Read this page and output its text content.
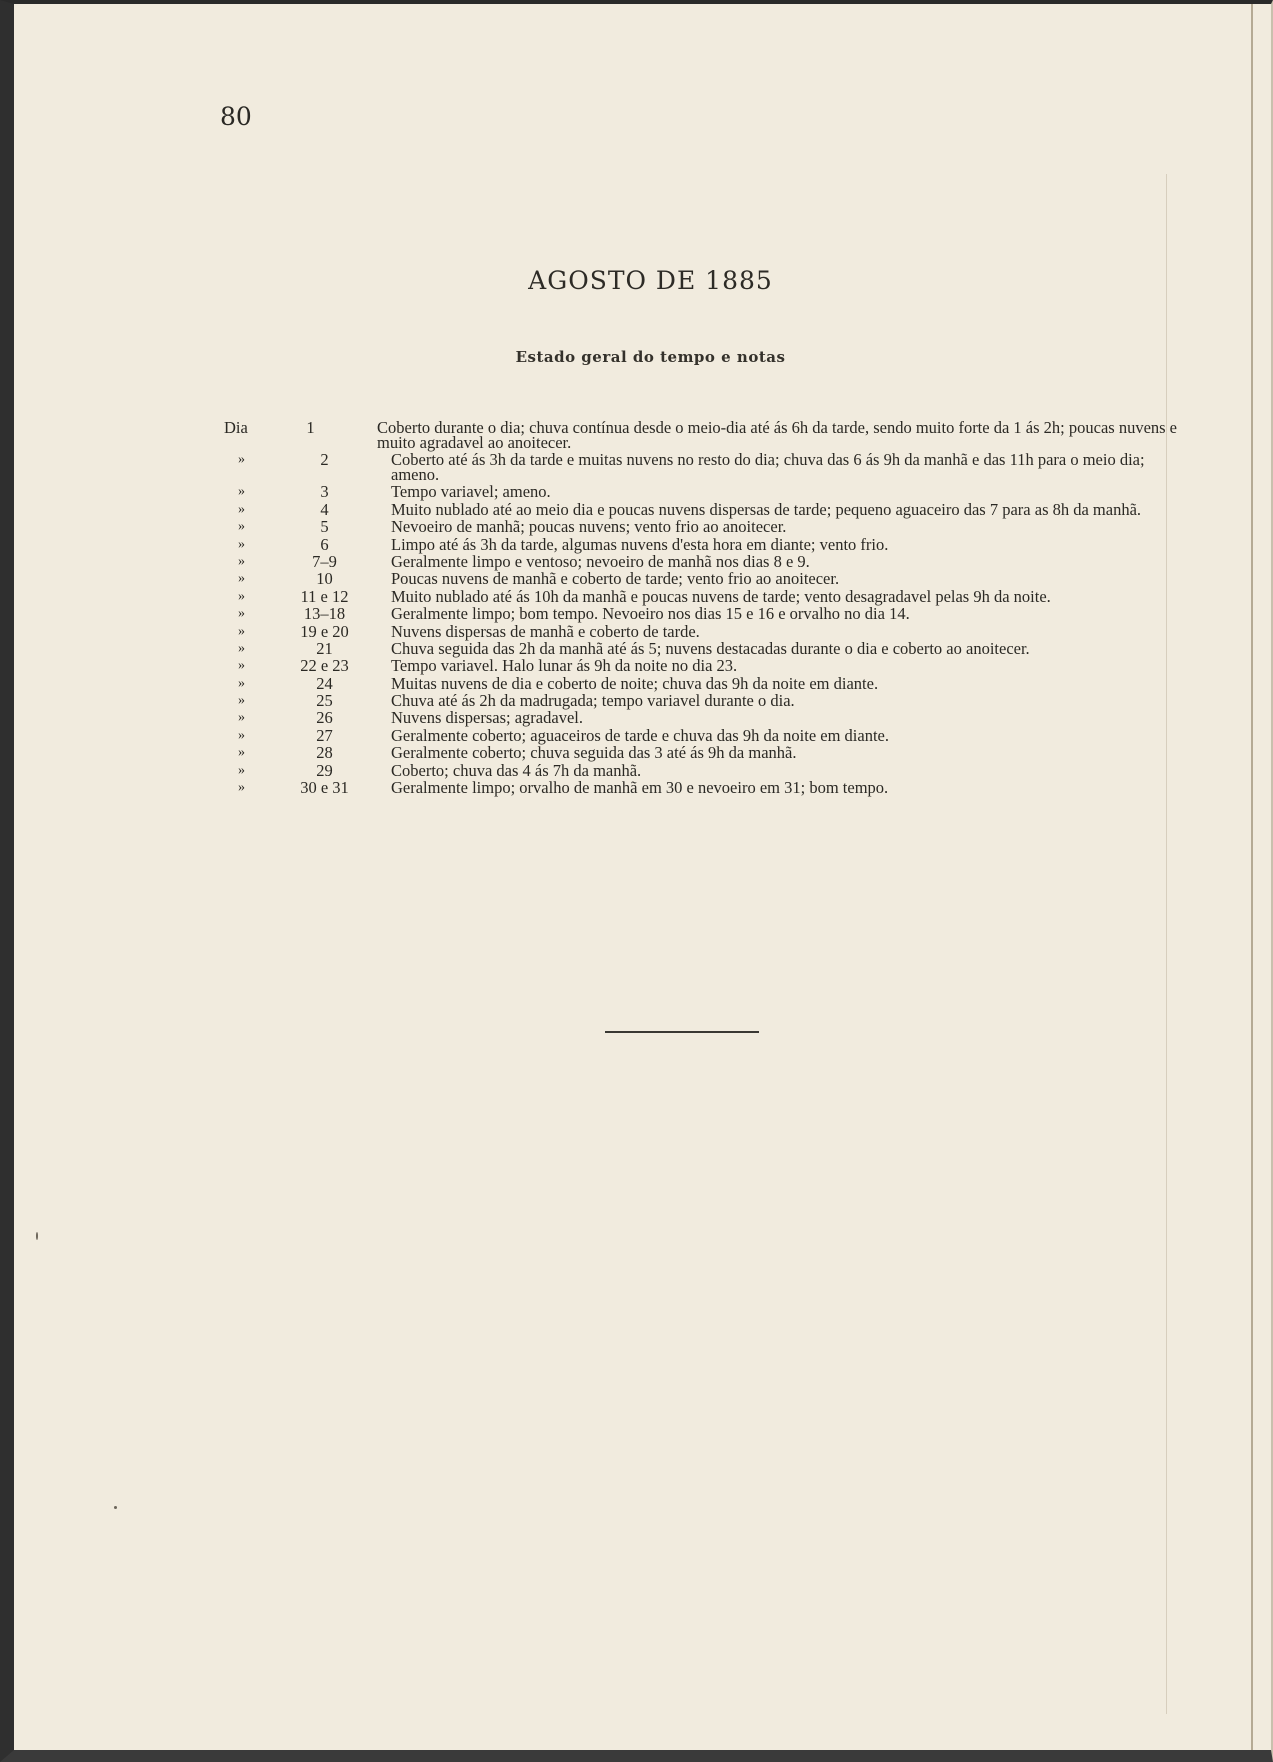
80
AGOSTO DE 1885
Estado geral do tempo e notas
Dia	1	Coberto durante o dia; chuva contínua desde o meio-dia até ás 6h da tarde, sendo muito forte da 1 ás 2h; poucas nuvens e muito agradavel ao anoitecer.
»	2	Coberto até ás 3h da tarde e muitas nuvens no resto do dia; chuva das 6 ás 9h da manhã e das 11h para o meio dia; ameno.
»	3	Tempo variavel; ameno.
»	4	Muito nublado até ao meio dia e poucas nuvens dispersas de tarde; pequeno aguaceiro das 7 para as 8h da manhã.
»	5	Nevoeiro de manhã; poucas nuvens; vento frio ao anoitecer.
»	6	Limpo até ás 3h da tarde, algumas nuvens d'esta hora em diante; vento frio.
»	7–9	Geralmente limpo e ventoso; nevoeiro de manhã nos dias 8 e 9.
»	10	Poucas nuvens de manhã e coberto de tarde; vento frio ao anoitecer.
»	11 e 12	Muito nublado até ás 10h da manhã e poucas nuvens de tarde; vento desagradavel pelas 9h da noite.
»	13–18	Geralmente limpo; bom tempo. Nevoeiro nos dias 15 e 16 e orvalho no dia 14.
»	19 e 20	Nuvens dispersas de manhã e coberto de tarde.
»	21	Chuva seguida das 2h da manhã até ás 5; nuvens destacadas durante o dia e coberto ao anoitecer.
»	22 e 23	Tempo variavel. Halo lunar ás 9h da noite no dia 23.
»	24	Muitas nuvens de dia e coberto de noite; chuva das 9h da noite em diante.
»	25	Chuva até ás 2h da madrugada; tempo variavel durante o dia.
»	26	Nuvens dispersas; agradavel.
»	27	Geralmente coberto; aguaceiros de tarde e chuva das 9h da noite em diante.
»	28	Geralmente coberto; chuva seguida das 3 até ás 9h da manhã.
»	29	Coberto; chuva das 4 ás 7h da manhã.
»	30 e 31	Geralmente limpo; orvalho de manhã em 30 e nevoeiro em 31; bom tempo.
